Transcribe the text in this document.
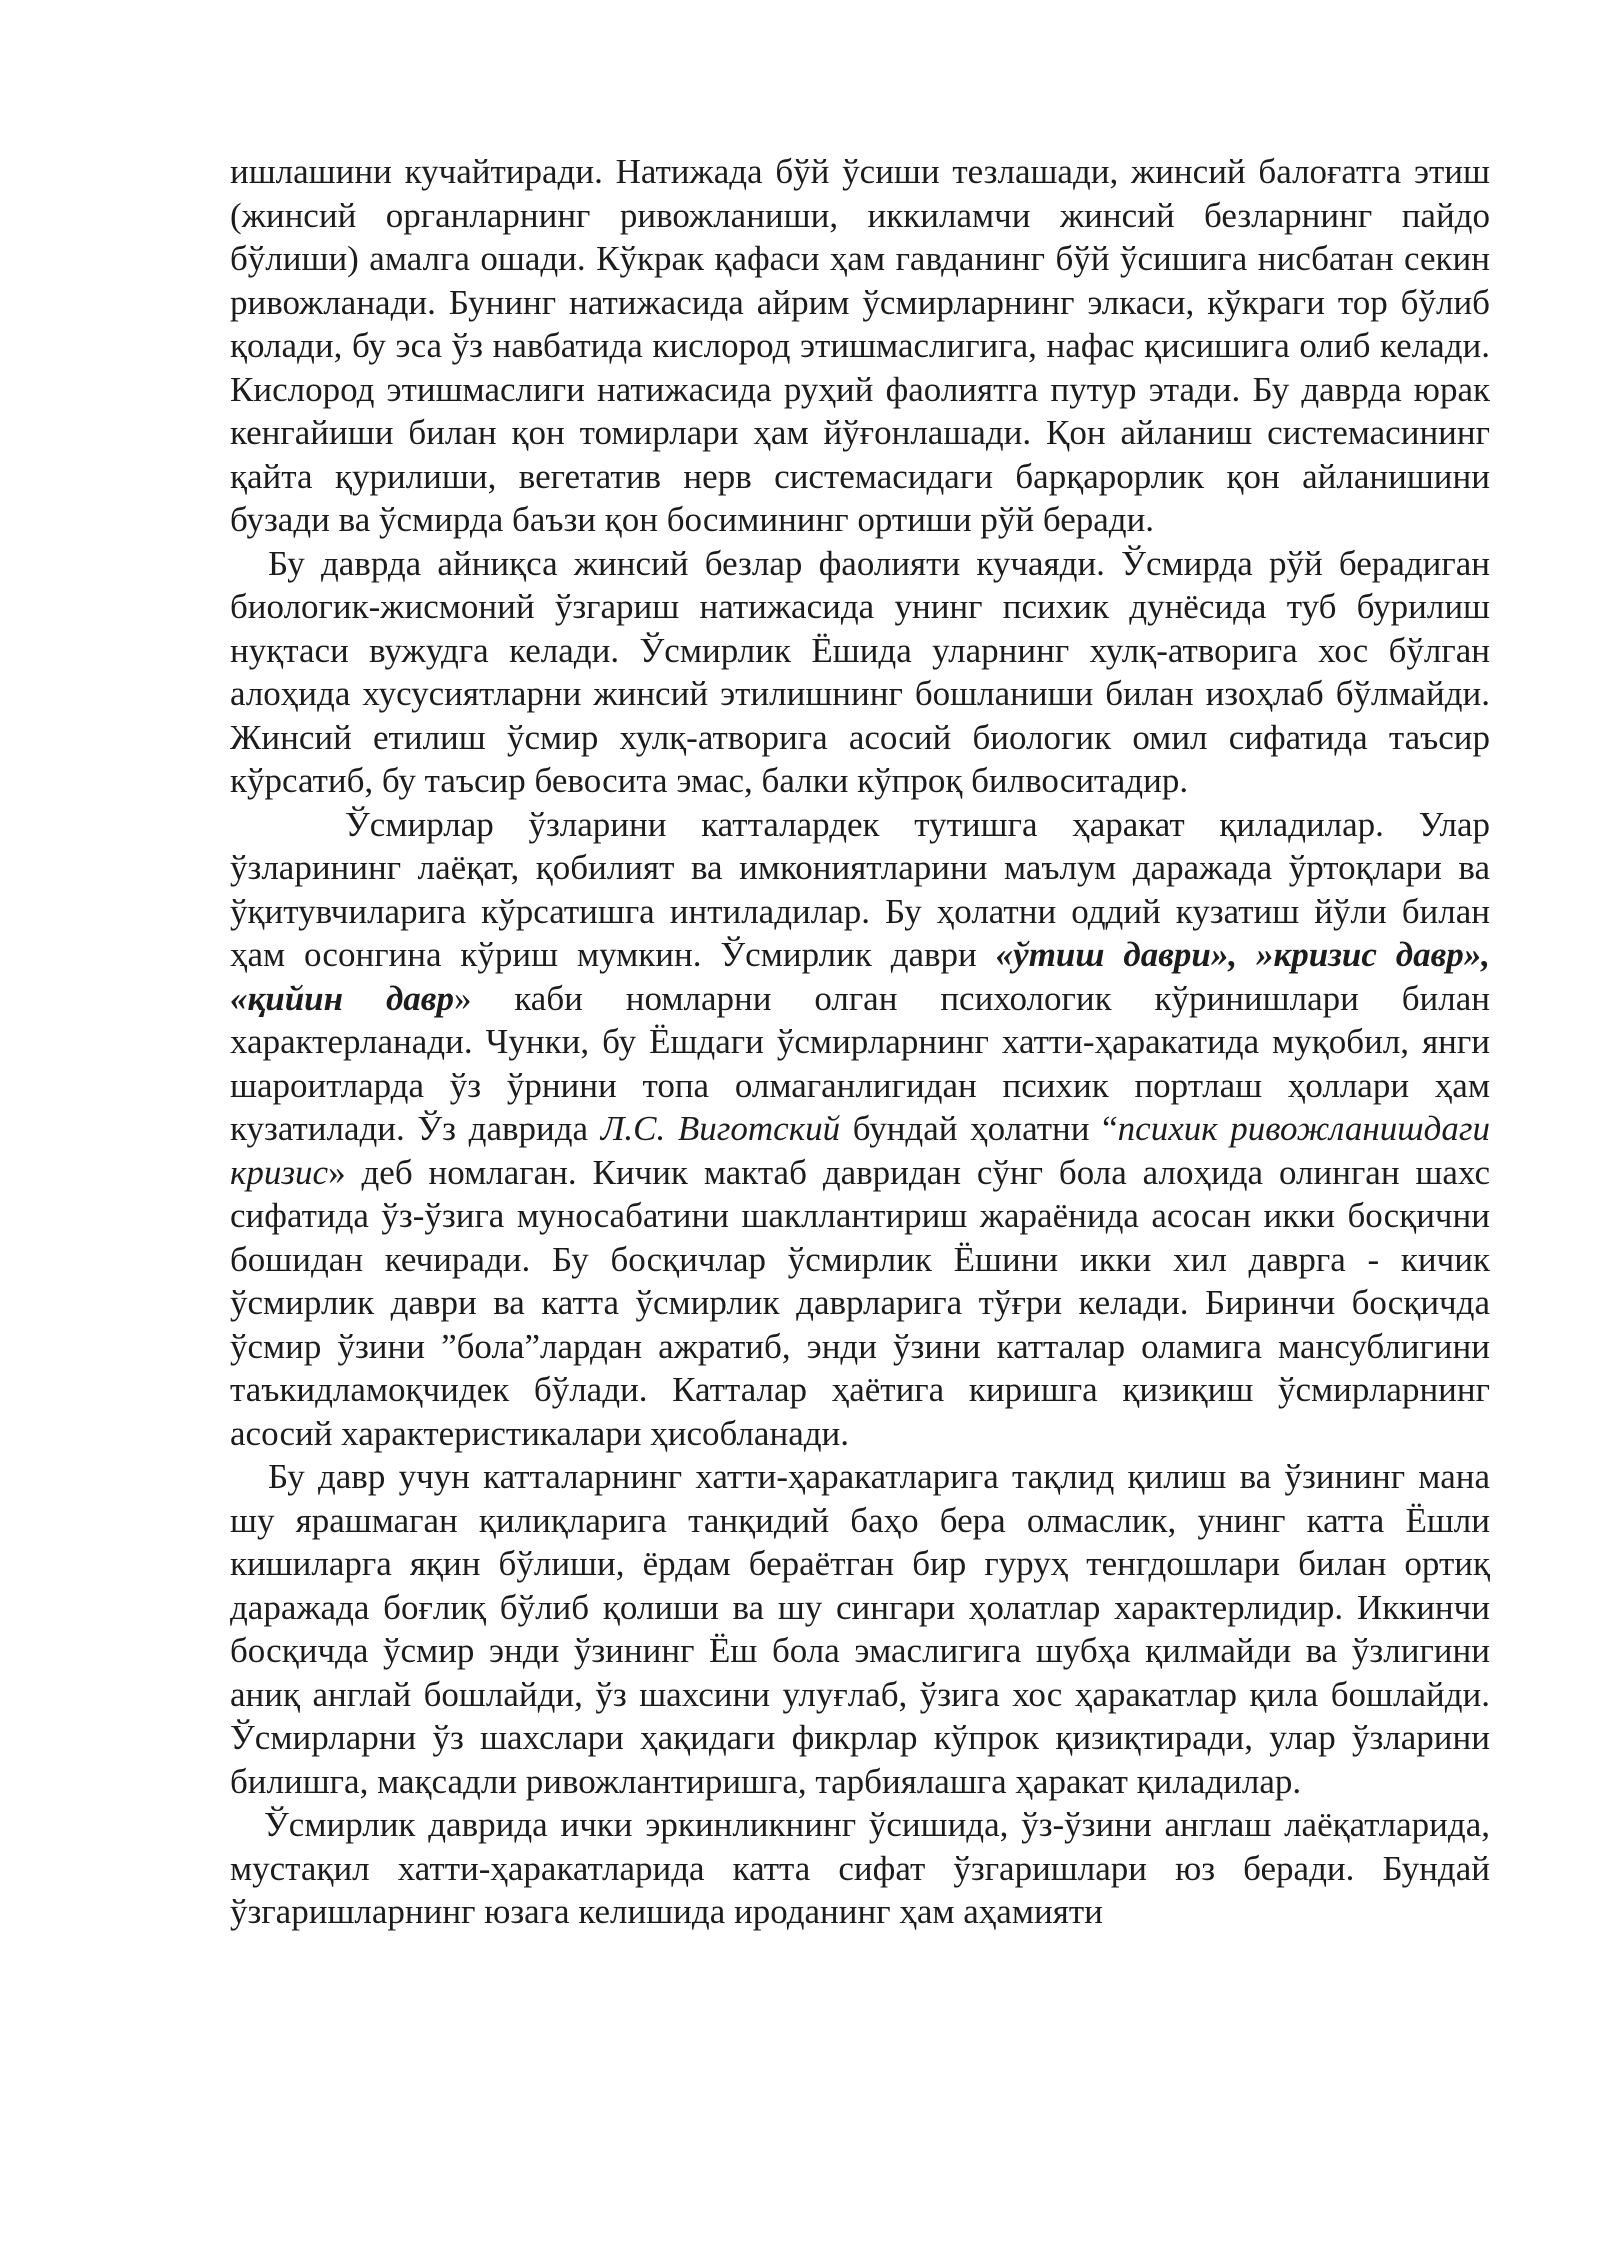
ишлашини кучайтиради. Натижада бўй ўсиши тезлашади, жинсий балоғатга этиш (жинсий органларнинг ривожланиши, иккиламчи жинсий безларнинг пайдо бўлиши) амалга ошади. Кўкрак қафаси ҳам гавданинг бўй ўсишига нисбатан секин ривожланади. Бунинг натижасида айрим ўсмирларнинг элкаси, кўкраги тор бўлиб қолади, бу эса ўз навбатида кислород этишмаслигига, нафас қисишига олиб келади. Кислород этишмаслиги натижасида руҳий фаолиятга путур этади. Бу даврда юрак кенгайиши билан қон томирлари ҳам йўғонлашади. Қон айланиш системасининг қайта қурилиши, вегетатив нерв системасидаги барқарорлик қон айланишини бузади ва ўсмирда баъзи қон босимининг ортиши рўй беради.

Бу даврда айниқса жинсий безлар фаолияти кучаяди. Ўсмирда рўй берадиган биологик-жисмоний ўзгариш натижасида унинг психик дунёсида туб бурилиш нуқтаси вужудга келади. Ўсмирлик Ёшида уларнинг хулқ-атворига хос бўлган алоҳида хусусиятларни жинсий этилишнинг бошланиши билан изоҳлаб бўлмайди. Жинсий етилиш ўсмир хулқ-атворига асосий биологик омил сифатида таъсир кўрсатиб, бу таъсир бевосита эмас, балки кўпроқ билвоситадир.

Ўсмирлар ўзларини катталардек тутишга ҳаракат қиладилар. Улар ўзларининг лаёқат, қобилият ва имкониятларини маълум даражада ўртоқлари ва ўқитувчиларига кўрсатишга интиладилар. Бу ҳолатни оддий кузатиш йўли билан ҳам осонгина кўриш мумкин. Ўсмирлик даври «ўтиш даври», »кризис давр», «қийин давр» каби номларни олган психологик кўринишлари билан характерланади. Чунки, бу Ёшдаги ўсмирларнинг хатти-ҳаракатида муқобил, янги шароитларда ўз ўрнини топа олмаганлигидан психик портлаш ҳоллари ҳам кузатилади. Ўз даврида Л.С. Виготский бундай ҳолатни “психик ривожланишдаги кризис» деб номлаган. Кичик мактаб давридан сўнг бола алоҳида олинган шахс сифатида ўз-ўзига муносабатини шакллантириш жараёнида асосан икки босқични бошидан кечиради. Бу босқичлар ўсмирлик Ёшини икки хил даврга - кичик ўсмирлик даври ва катта ўсмирлик даврларига тўғри келади. Биринчи босқичда ўсмир ўзини ”бола”лардан ажратиб, энди ўзини катталар оламига мансублигини таъкидламоқчидек бўлади. Катталар ҳаётига киришга қизиқиш ўсмирларнинг асосий характеристикалари ҳисобланади.

Бу давр учун катталарнинг хатти-ҳаракатларига тақлид қилиш ва ўзининг мана шу ярашмаган қилиқларига танқидий баҳо бера олмаслик, унинг катта Ёшли кишиларга яқин бўлиши, ёрдам бераётган бир гуруҳ тенгдошлари билан ортиқ даражада боғлиқ бўлиб қолиши ва шу сингари ҳолатлар характерлидир. Иккинчи босқичда ўсмир энди ўзининг Ёш бола эмаслигига шубҳа қилмайди ва ўзлигини аниқ англай бошлайди, ўз шахсини улуғлаб, ўзига хос ҳаракатлар қила бошлайди. Ўсмирларни ўз шахслари ҳақидаги фикрлар кўпрок қизиқтиради, улар ўзларини билишга, мақсадли ривожлантиришга, тарбиялашга ҳаракат қиладилар.

Ўсмирлик даврида ички эркинликнинг ўсишида, ўз-ўзини англаш лаёқатларида, мустақил хатти-ҳаракатларида катта сифат ўзгаришлари юз беради. Бундай ўзгаришларнинг юзага келишида ироданинг ҳам аҳамияти
